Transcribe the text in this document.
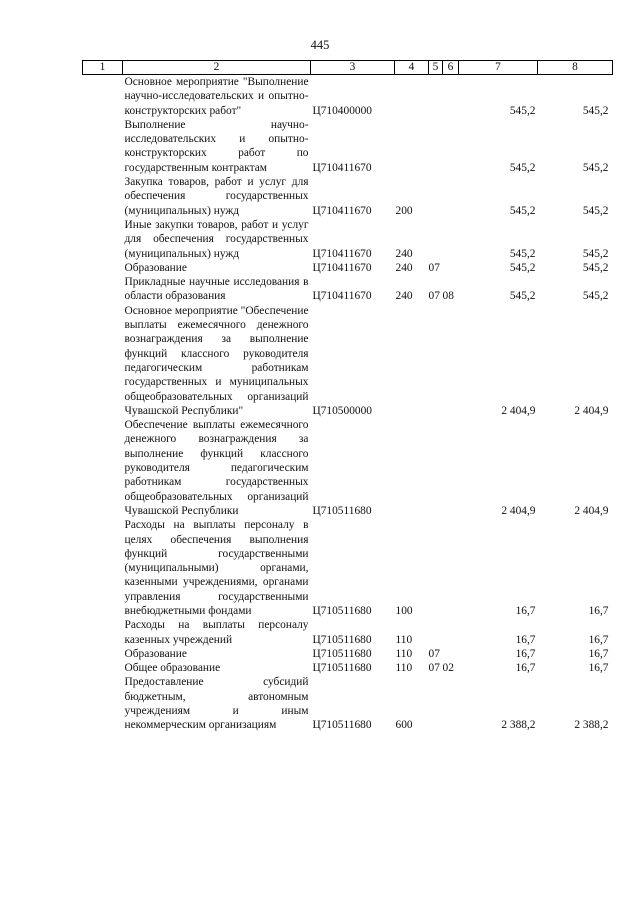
445
1	2	3	4	5	6	7	8
	Основное мероприятие "Выполнение научно-исследовательских и опытно-конструкторских работ"	Ц710400000				545,2	545,2
	Выполнение научно-исследовательских и опытно-конструкторских работ по государственным контрактам	Ц710411670				545,2	545,2
	Закупка товаров, работ и услуг для обеспечения государственных (муниципальных) нужд	Ц710411670	200			545,2	545,2
	Иные закупки товаров, работ и услуг для обеспечения государственных (муниципальных) нужд	Ц710411670	240			545,2	545,2
	Образование	Ц710411670	240	07		545,2	545,2
	Прикладные научные исследования в области образования	Ц710411670	240	07	08	545,2	545,2
	Основное мероприятие "Обеспечение выплаты ежемесячного денежного вознаграждения за выполнение функций классного руководителя педагогическим работникам государственных и муниципальных общеобразовательных организаций Чувашской Республики"	Ц710500000				2 404,9	2 404,9
	Обеспечение выплаты ежемесячного денежного вознаграждения за выполнение функций классного руководителя педагогическим работникам государственных общеобразовательных организаций Чувашской Республики	Ц710511680				2 404,9	2 404,9
	Расходы на выплаты персоналу в целях обеспечения выполнения функций государственными (муниципальными) органами, казенными учреждениями, органами управления государственными внебюджетными фондами	Ц710511680	100			16,7	16,7
	Расходы на выплаты персоналу казенных учреждений	Ц710511680	110			16,7	16,7
	Образование	Ц710511680	110	07		16,7	16,7
	Общее образование	Ц710511680	110	07	02	16,7	16,7
	Предоставление субсидий бюджетным, автономным учреждениям и иным некоммерческим организациям	Ц710511680	600			2 388,2	2 388,2
